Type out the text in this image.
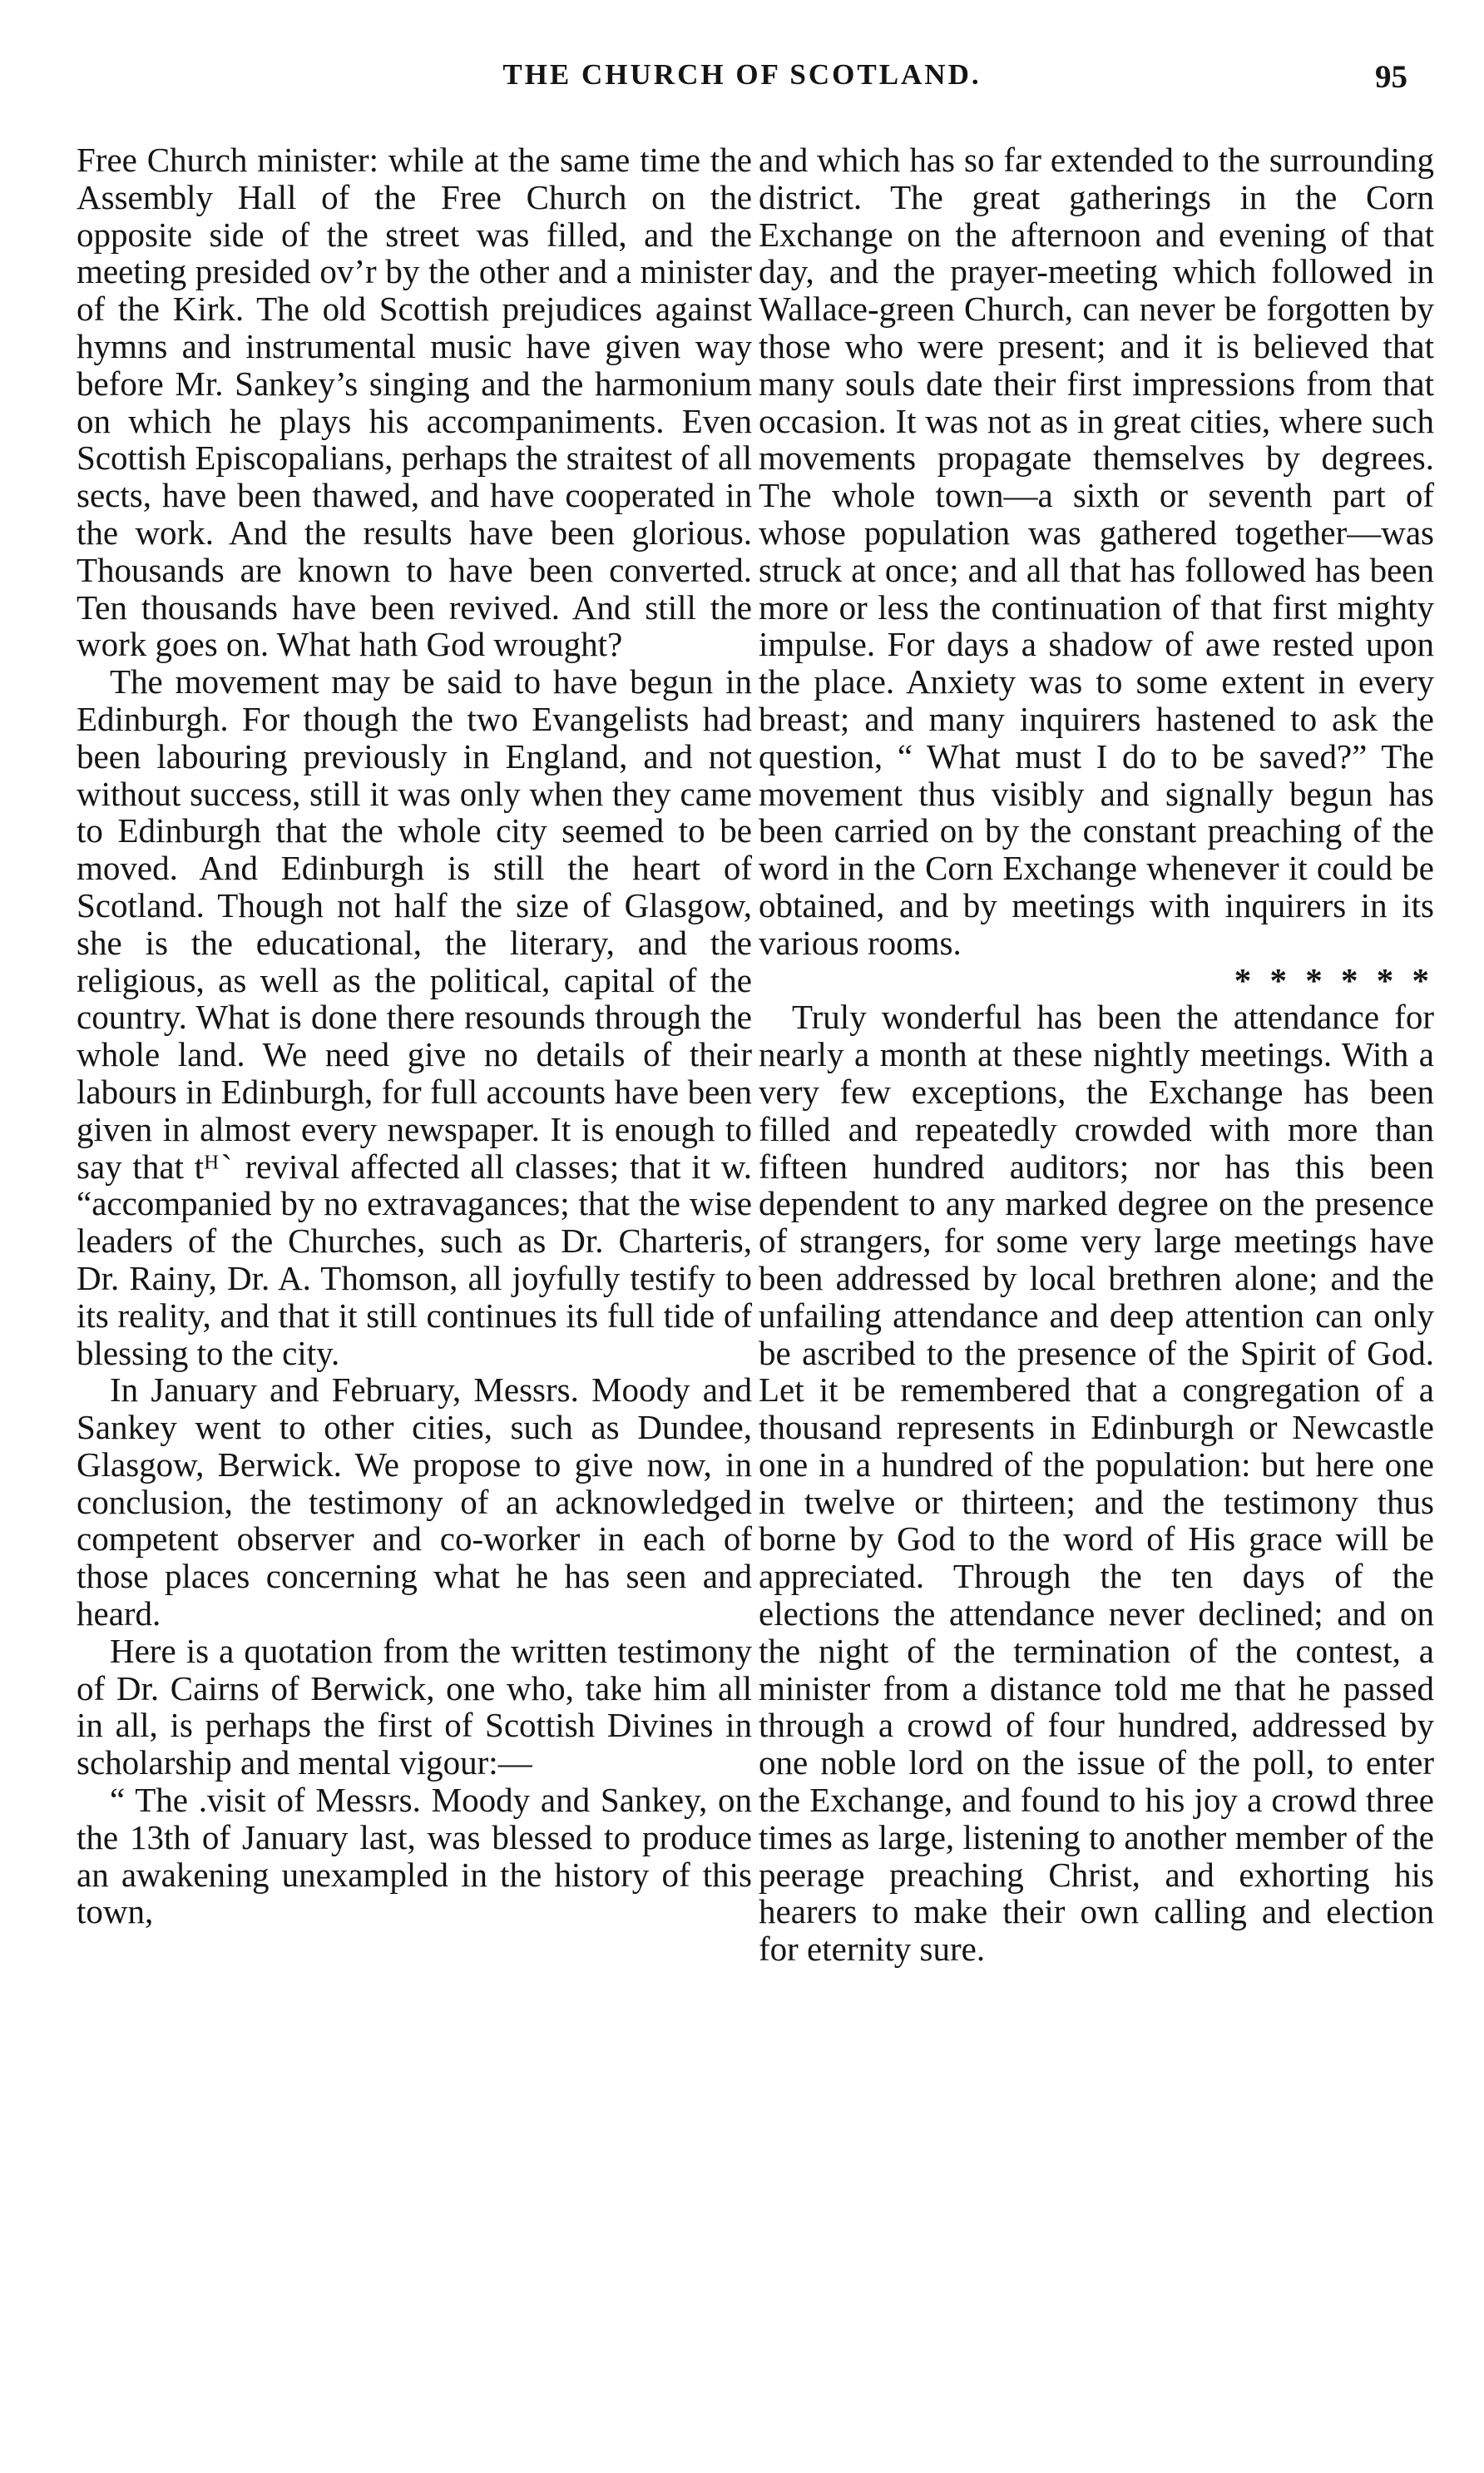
THE CHURCH OF SCOTLAND.	95

Free Church minister: while at the same time the Assembly Hall of the Free Church on the opposite side of the street was filled, and the meeting presided ov’r by the other and a minister of the Kirk. The old Scottish prejudices against hymns and instrumental music have given way before Mr. Sankey’s singing and the harmonium on which he plays his accompaniments. Even Scottish Episcopalians, perhaps the straitest of all sects, have been thawed, and have cooperated in the work. And the results have been glorious. Thousands are known to have been converted. Ten thousands have been revived. And still the work goes on. What hath God wrought?

The movement may be said to have begun in Edinburgh. For though the two Evangelists had been labouring previously in England, and not without success, still it was only when they came to Edinburgh that the whole city seemed to be moved. And Edinburgh is still the heart of Scotland. Though not half the size of Glasgow, she is the educational, the literary, and the religious, as well as the political, capital of the country. What is done there resounds through the whole land. We need give no details of their labours in Edinburgh, for full accounts have been given in almost every newspaper. It is enough to say that tᴴˋ revival affected all classes; that it w. “accompanied by no extravagances; that the wise leaders of the Churches, such as Dr. Charteris, Dr. Rainy, Dr. A. Thomson, all joyfully testify to its reality, and that it still continues its full tide of blessing to the city.

In January and February, Messrs. Moody and Sankey went to other cities, such as Dundee, Glasgow, Berwick. We propose to give now, in conclusion, the testimony of an acknowledged competent observer and co-worker in each of those places concerning what he has seen and heard.

Here is a quotation from the written testimony of Dr. Cairns of Berwick, one who, take him all in all, is perhaps the first of Scottish Divines in scholarship and mental vigour:—

“ The .visit of Messrs. Moody and Sankey, on the 13th of January last, was blessed to produce an awakening unexampled in the history of this town,

and which has so far extended to the surrounding district. The great gatherings in the Corn Exchange on the afternoon and evening of that day, and the prayer-meeting which followed in Wallace-green Church, can never be forgotten by those who were present; and it is believed that many souls date their first impressions from that occasion. It was not as in great cities, where such movements propagate themselves by degrees. The whole town—a sixth or seventh part of whose population was gathered together—was struck at once; and all that has followed has been more or less the continuation of that first mighty impulse. For days a shadow of awe rested upon the place. Anxiety was to some extent in every breast; and many inquirers hastened to ask the question, “ What must I do to be saved?” The movement thus visibly and signally begun has been carried on by the constant preaching of the word in the Corn Exchange whenever it could be obtained, and by meetings with inquirers in its various rooms.

* * * * * *

Truly wonderful has been the attendance for nearly a month at these nightly meetings. With a very few exceptions, the Exchange has been filled and repeatedly crowded with more than fifteen hundred auditors; nor has this been dependent to any marked degree on the presence of strangers, for some very large meetings have been addressed by local brethren alone; and the unfailing attendance and deep attention can only be ascribed to the presence of the Spirit of God. Let it be remembered that a congregation of a thousand represents in Edinburgh or Newcastle one in a hundred of the population: but here one in twelve or thirteen; and the testimony thus borne by God to the word of His grace will be appreciated. Through the ten days of the elections the attendance never declined; and on the night of the termination of the contest, a minister from a distance told me that he passed through a crowd of four hundred, addressed by one noble lord on the issue of the poll, to enter the Exchange, and found to his joy a crowd three times as large, listening to another member of the peerage preaching Christ, and exhorting his hearers to make their own calling and election for eternity sure.
